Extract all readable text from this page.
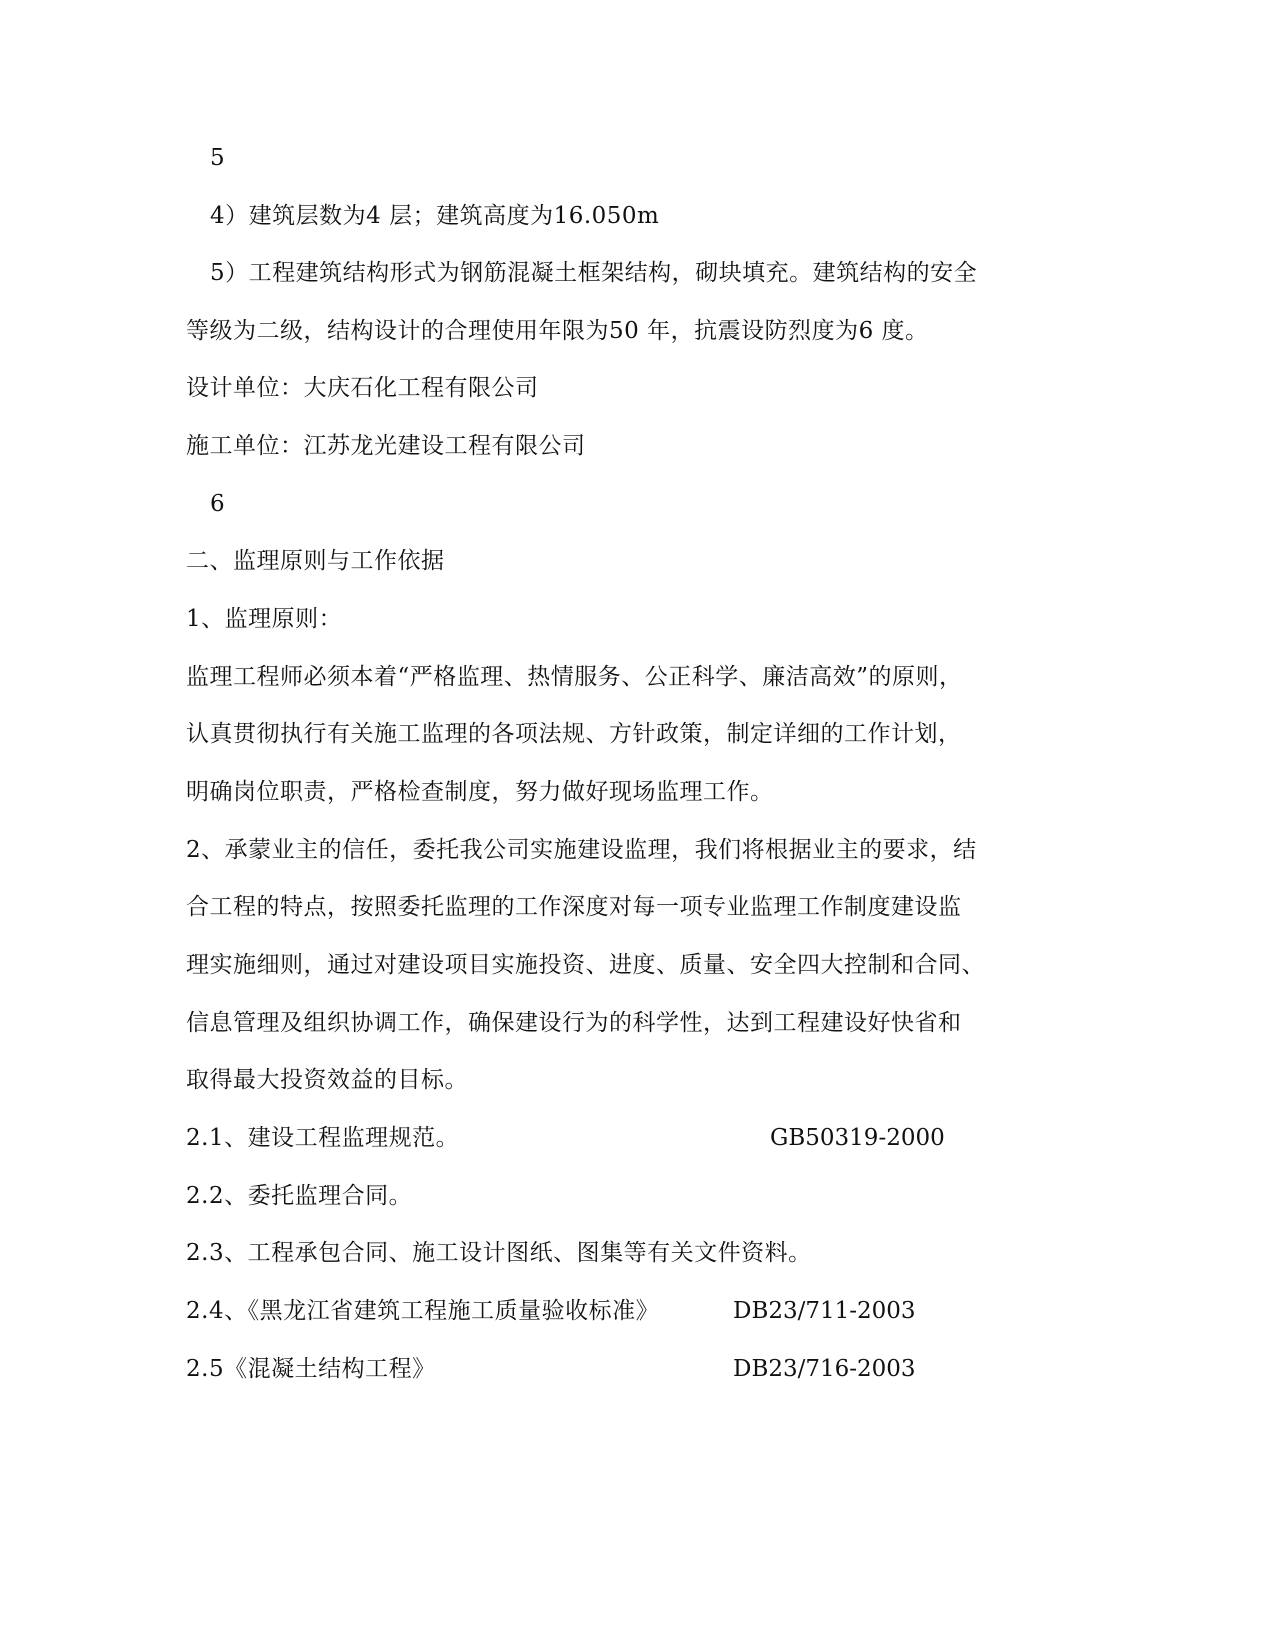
5
4）建筑层数为4 层；建筑高度为16.050m
5）工程建筑结构形式为钢筋混凝土框架结构，砌块填充。建筑结构的安全
等级为二级，结构设计的合理使用年限为50 年，抗震设防烈度为6 度。
设计单位：大庆石化工程有限公司
施工单位：江苏龙光建设工程有限公司
6
二、监理原则与工作依据
1、监理原则：
监理工程师必须本着“严格监理、热情服务、公正科学、廉洁高效”的原则，
认真贯彻执行有关施工监理的各项法规、方针政策，制定详细的工作计划，
明确岗位职责，严格检查制度，努力做好现场监理工作。
2、承蒙业主的信任，委托我公司实施建设监理，我们将根据业主的要求，结
合工程的特点，按照委托监理的工作深度对每一项专业监理工作制度建设监
理实施细则，通过对建设项目实施投资、进度、质量、安全四大控制和合同、
信息管理及组织协调工作，确保建设行为的科学性，达到工程建设好快省和
取得最大投资效益的目标。
2.1、建设工程监理规范。	GB50319-2000
2.2、委托监理合同。
2.3、工程承包合同、施工设计图纸、图集等有关文件资料。
2.4、《黑龙江省建筑工程施工质量验收标准》	DB23/711-2003
2.5《混凝土结构工程》	DB23/716-2003
